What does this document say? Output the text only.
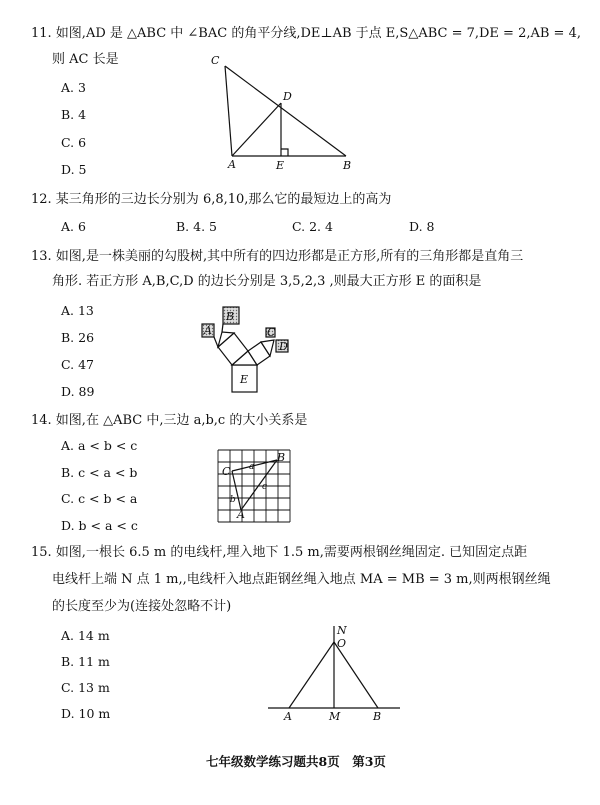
11. 如图,AD 是 △ABC 中 ∠BAC 的角平分线,DE⊥AB 于点 E,S△ABC = 7,DE = 2,AB = 4,
则 AC 长是
A. 3
B. 4
C. 6
D. 5
C
D
A	E	B
12. 某三角形的三边长分别为 6,8,10,那么它的最短边上的高为
A. 6	B. 4. 5	C. 2. 4	D. 8
13. 如图,是一株美丽的勾股树,其中所有的四边形都是正方形,所有的三角形都是直角三
角形. 若正方形 A,B,C,D 的边长分别是 3,5,2,3 ,则最大正方形 E 的面积是
A. 13
B. 26
C. 47
D. 89
B
A	C
D
E
14. 如图,在 △ABC 中,三边 a,b,c 的大小关系是
A. a < b < c
B. c < a < b
C. c < b < a
D. b < a < c
B
C
A
a
b
c
15. 如图,一根长 6.5 m 的电线杆,埋入地下 1.5 m,需要两根钢丝绳固定. 已知固定点距
电线杆上端 N 点 1 m,,电线杆入地点距钢丝绳入地点 MA = MB = 3 m,则两根钢丝绳
的长度至少为(连接处忽略不计)
A. 14 m
B. 11 m
C. 13 m
D. 10 m
N
O
A	M	B
七年级数学练习题共8页　第3页
